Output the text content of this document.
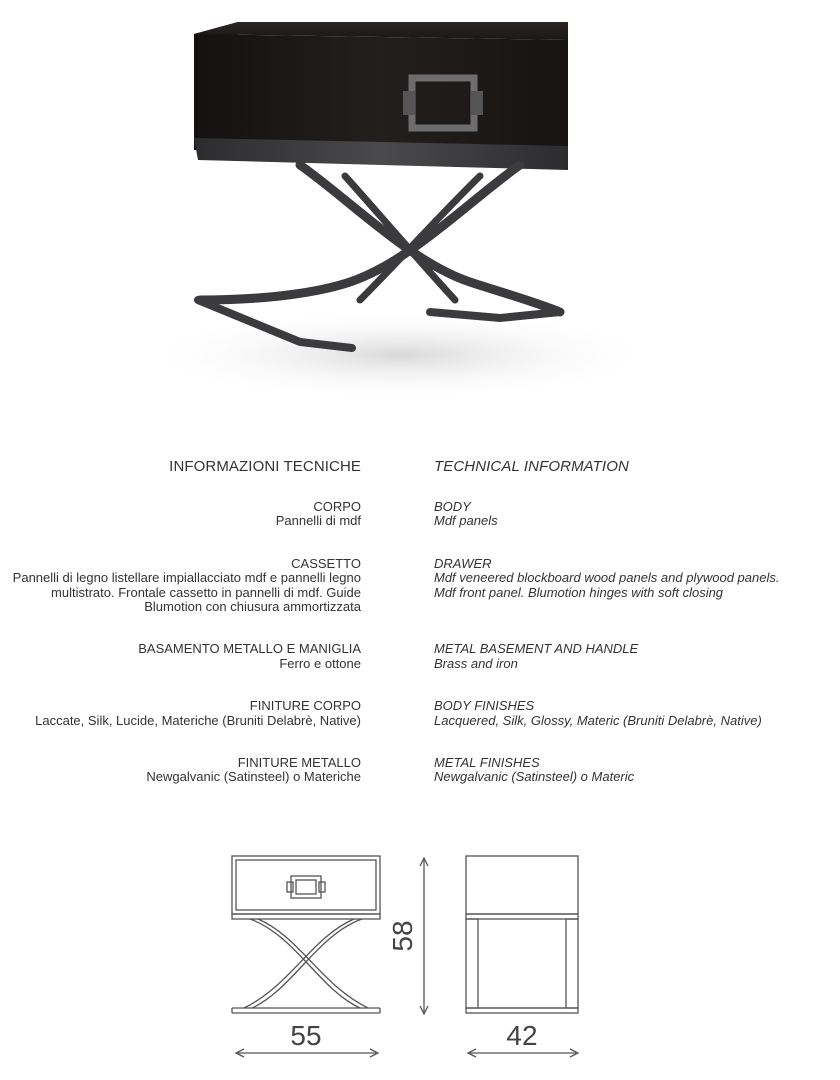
INFORMAZIONI TECNICHE	TECHNICAL INFORMATION
CORPO
Pannelli di mdf
CASSETTO
Pannelli di legno listellare impiallacciato mdf e pannelli legno
multistrato. Frontale cassetto in pannelli di mdf. Guide
Blumotion con chiusura ammortizzata
BASAMENTO METALLO E MANIGLIA
Ferro e ottone
FINITURE CORPO
Laccate, Silk, Lucide, Materiche (Bruniti Delabrè, Native)
FINITURE METALLO
Newgalvanic (Satinsteel) o Materiche
BODY
Mdf panels
DRAWER
Mdf veneered blockboard wood panels and plywood panels.
Mdf front panel. Blumotion hinges with soft closing
METAL BASEMENT AND HANDLE
Brass and iron
BODY FINISHES
Lacquered, Silk, Glossy, Materic (Bruniti Delabrè, Native)
METAL FINISHES
Newgalvanic (Satinsteel) o Materic
55
58
42
